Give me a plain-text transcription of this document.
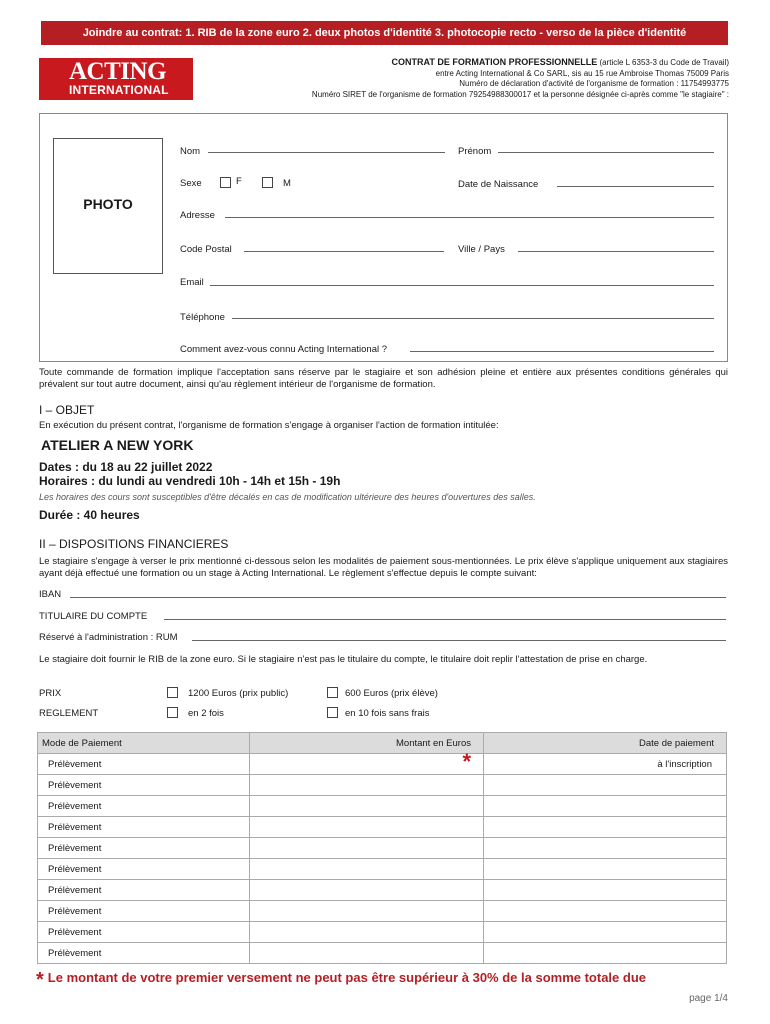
Joindre au contrat: 1. RIB de la zone euro 2. deux photos d'identité 3. photocopie recto - verso de la pièce d'identité
ACTING
INTERNATIONAL
CONTRAT DE FORMATION PROFESSIONNELLE (article L 6353-3 du Code de Travail)
entre Acting International & Co SARL, sis au 15 rue Ambroise Thomas 75009 Paris
Numéro de déclaration d'activité de l'organisme de formation : 11754993775
Numéro SIRET de l'organisme de formation 79254988300017 et la personne désignée ci-après comme "le stagiaire" :
PHOTO
Nom	Prénom
Sexe	F	M	Date de Naissance
Adresse
Code Postal	Ville / Pays
Email
Téléphone
Comment avez-vous connu Acting International ?
Toute commande de formation implique l'acceptation sans réserve par le stagiaire et son adhésion pleine et entière aux présentes conditions générales qui prévalent sur tout autre document, ainsi qu'au règlement intérieur de l'organisme de formation.
I – OBJET
En exécution du présent contrat, l'organisme de formation s'engage à organiser l'action de formation intitulée:
ATELIER A NEW YORK
Dates : du 18 au 22 juillet 2022
Horaires : du lundi au vendredi 10h - 14h et 15h - 19h
Les horaires des cours sont susceptibles d'être décalés en cas de modification ultérieure des heures d'ouvertures des salles.
Durée : 40 heures
II – DISPOSITIONS FINANCIERES
Le stagiaire s'engage à verser le prix mentionné ci-dessous selon les modalités de paiement sous-mentionnées. Le prix élève s'applique uniquement aux stagiaires ayant déjà effectué une formation ou un stage à Acting International. Le règlement s'effectue depuis le compte suivant:
IBAN
TITULAIRE DU COMPTE
Réservé à l'administration : RUM
Le stagiaire doit fournir le RIB de la zone euro. Si le stagiaire n'est pas le titulaire du compte, le titulaire doit replir l'attestation de prise en charge.
PRIX	1200 Euros (prix public)	600 Euros (prix élève)
REGLEMENT	en 2 fois	en 10 fois sans frais
Mode de Paiement	Montant en Euros	Date de paiement
Prélèvement	*	à l'inscription
Prélèvement		
Prélèvement		
Prélèvement		
Prélèvement		
Prélèvement		
Prélèvement		
Prélèvement		
Prélèvement		
Prélèvement		
* Le montant de votre premier versement ne peut pas être supérieur à 30% de la somme totale due
page 1/4
